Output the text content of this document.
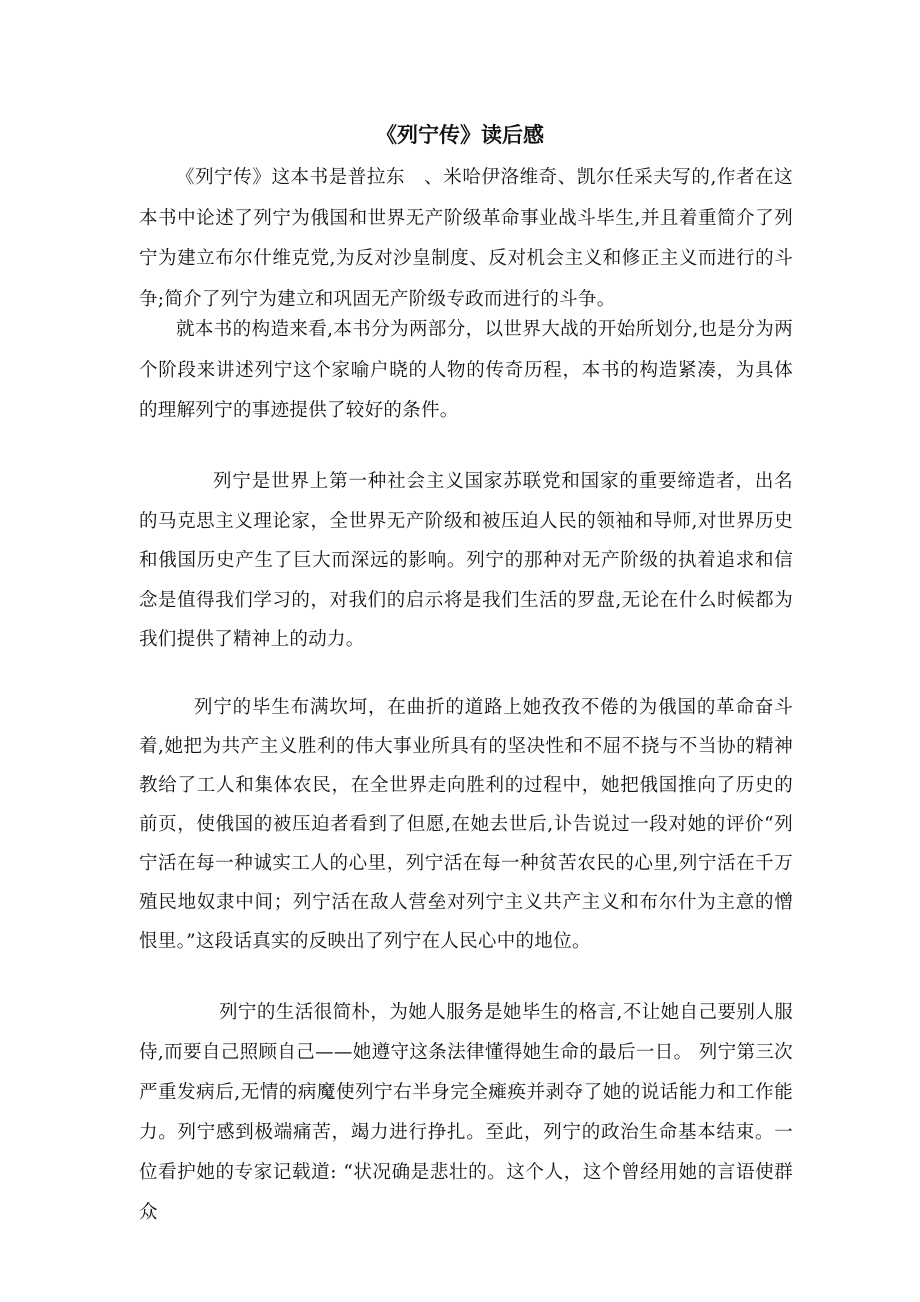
《列宁传》读后感

《列宁传》这本书是普拉东　、米哈伊洛维奇、凯尔任采夫写的,作者在这本书中论述了列宁为俄国和世界无产阶级革命事业战斗毕生,并且着重简介了列宁为建立布尔什维克党,为反对沙皇制度、反对机会主义和修正主义而进行的斗争;简介了列宁为建立和巩固无产阶级专政而进行的斗争。

就本书的构造来看,本书分为两部分，以世界大战的开始所划分,也是分为两个阶段来讲述列宁这个家喻户晓的人物的传奇历程，本书的构造紧凑，为具体的理解列宁的事迹提供了较好的条件。

列宁是世界上第一种社会主义国家苏联党和国家的重要缔造者，出名的马克思主义理论家，全世界无产阶级和被压迫人民的领袖和导师,对世界历史和俄国历史产生了巨大而深远的影响。列宁的那种对无产阶级的执着追求和信念是值得我们学习的，对我们的启示将是我们生活的罗盘,无论在什么时候都为我们提供了精神上的动力。

列宁的毕生布满坎坷，在曲折的道路上她孜孜不倦的为俄国的革命奋斗着,她把为共产主义胜利的伟大事业所具有的坚决性和不屈不挠与不当协的精神教给了工人和集体农民，在全世界走向胜利的过程中，她把俄国推向了历史的前页，使俄国的被压迫者看到了但愿,在她去世后,讣告说过一段对她的评价“列宁活在每一种诚实工人的心里，列宁活在每一种贫苦农民的心里,列宁活在千万殖民地奴隶中间；列宁活在敌人营垒对列宁主义共产主义和布尔什为主意的憎恨里。”这段话真实的反映出了列宁在人民心中的地位。

列宁的生活很简朴，为她人服务是她毕生的格言,不让她自己要别人服侍,而要自己照顾自己——她遵守这条法律懂得她生命的最后一日。 列宁第三次严重发病后,无情的病魔使列宁右半身完全瘫痪并剥夺了她的说话能力和工作能力。列宁感到极端痛苦，竭力进行挣扎。至此，列宁的政治生命基本结束。一位看护她的专家记载道: “状况确是悲壮的。这个人，这个曾经用她的言语使群众
